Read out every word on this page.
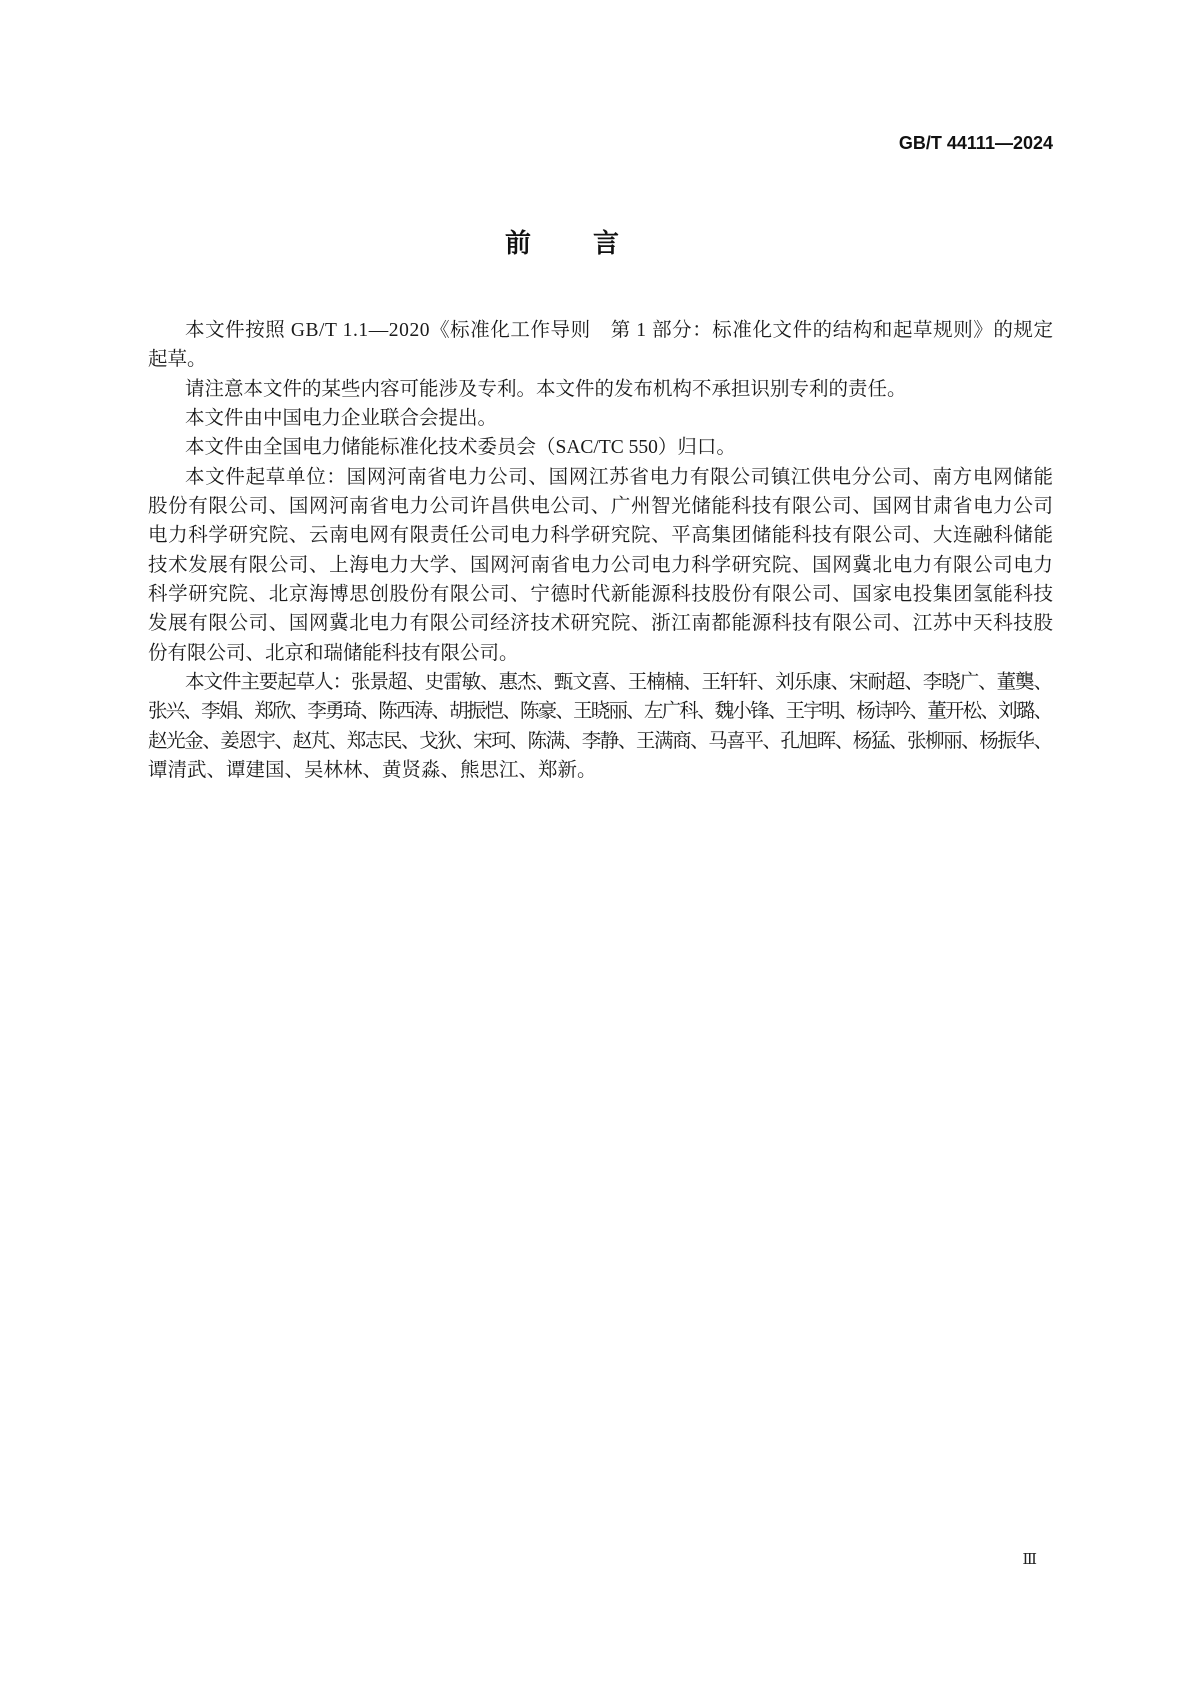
GB/T 44111—2024
前　言
本文件按照 GB/T 1.1—2020《标准化工作导则　第 1 部分：标准化文件的结构和起草规则》的规定
起草。
请注意本文件的某些内容可能涉及专利。本文件的发布机构不承担识别专利的责任。
本文件由中国电力企业联合会提出。
本文件由全国电力储能标准化技术委员会（SAC/TC 550）归口。
本文件起草单位：国网河南省电力公司、国网江苏省电力有限公司镇江供电分公司、南方电网储能
股份有限公司、国网河南省电力公司许昌供电公司、广州智光储能科技有限公司、国网甘肃省电力公司
电力科学研究院、云南电网有限责任公司电力科学研究院、平高集团储能科技有限公司、大连融科储能
技术发展有限公司、上海电力大学、国网河南省电力公司电力科学研究院、国网冀北电力有限公司电力
科学研究院、北京海博思创股份有限公司、宁德时代新能源科技股份有限公司、国家电投集团氢能科技
发展有限公司、国网冀北电力有限公司经济技术研究院、浙江南都能源科技有限公司、江苏中天科技股
份有限公司、北京和瑞储能科技有限公司。
本文件主要起草人：张景超、史雷敏、惠杰、甄文喜、王楠楠、王轩轩、刘乐康、宋耐超、李晓广、董龑、
张兴、李娟、郑欣、李勇琦、陈西涛、胡振恺、陈豪、王晓丽、左广科、魏小锋、王宇明、杨诗吟、董开松、刘璐、
赵光金、姜恩宇、赵芃、郑志民、戈狄、宋珂、陈满、李静、王满商、马喜平、孔旭晖、杨猛、张柳丽、杨振华、
谭清武、谭建国、吴林林、黄贤淼、熊思江、郑新。
Ⅲ
